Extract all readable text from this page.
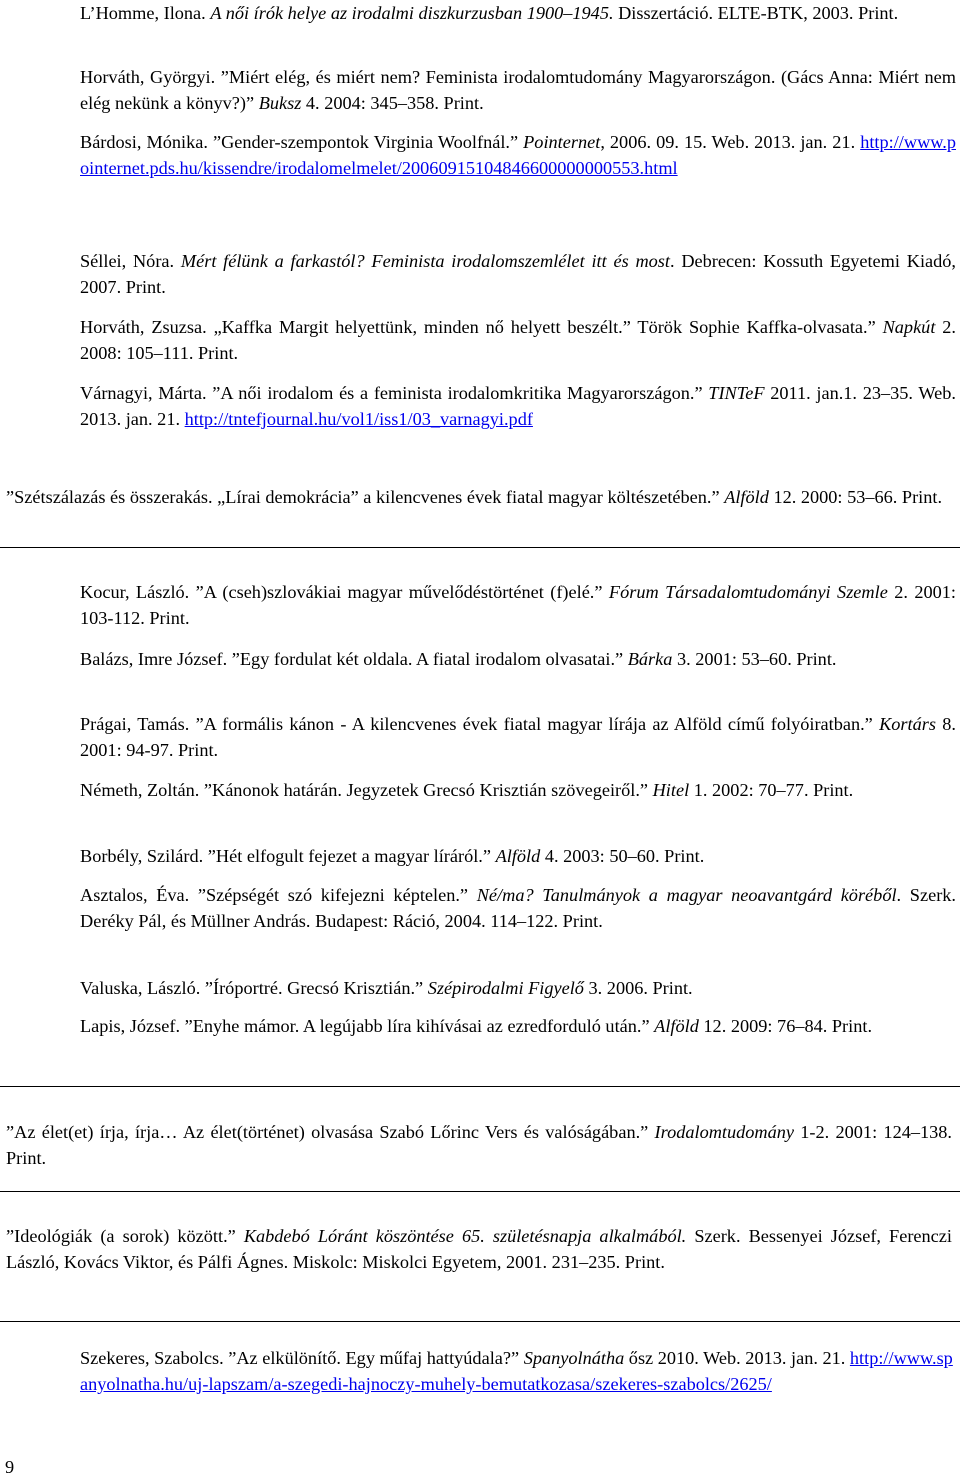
L’Homme, Ilona. A női írók helye az irodalmi diszkurzusban 1900–1945. Disszertáció. ELTE-BTK, 2003. Print.

Horváth, Györgyi. ”Miért elég, és miért nem? Feminista irodalomtudomány Magyarországon. (Gács Anna: Miért nem elég nekünk a könyv?)” Buksz 4. 2004: 345–358. Print.

Bárdosi, Mónika. ”Gender-szempontok Virginia Woolfnál.” Pointernet, 2006. 09. 15. Web. 2013. jan. 21. http://www.pointernet.pds.hu/kissendre/irodalomelmelet/20060915104846600000000553.html

Séllei, Nóra. Mért félünk a farkastól? Feminista irodalomszemlélet itt és most. Debrecen: Kossuth Egyetemi Kiadó, 2007. Print.

Horváth, Zsuzsa. „Kaffka Margit helyettünk, minden nő helyett beszélt.” Török Sophie Kaffka-olvasata.” Napkút 2. 2008: 105–111. Print.

Várnagyi, Márta. ”A női irodalom és a feminista irodalomkritika Magyarországon.” TINTeF 2011. jan.1. 23–35. Web. 2013. jan. 21. http://tntefjournal.hu/vol1/iss1/03_varnagyi.pdf

”Szétszálazás és összerakás. „Lírai demokrácia” a kilencvenes évek fiatal magyar költészetében.” Alföld 12. 2000: 53–66. Print.

Kocur, László. ”A (cseh)szlovákiai magyar művelődéstörténet (f)elé.” Fórum Társadalomtudományi Szemle 2. 2001: 103-112. Print.

Balázs, Imre József. ”Egy fordulat két oldala. A fiatal irodalom olvasatai.” Bárka 3. 2001: 53–60. Print.

Prágai, Tamás. ”A formális kánon - A kilencvenes évek fiatal magyar lírája az Alföld című folyóiratban.” Kortárs 8. 2001: 94-97. Print.

Németh, Zoltán. ”Kánonok határán. Jegyzetek Grecsó Krisztián szövegeiről.” Hitel 1. 2002: 70–77. Print.

Borbély, Szilárd. ”Hét elfogult fejezet a magyar líráról.” Alföld 4. 2003: 50–60. Print.

Asztalos, Éva. ”Szépségét szó kifejezni képtelen.” Né/ma? Tanulmányok a magyar neoavantgárd köréből. Szerk. Deréky Pál, és Müllner András. Budapest: Ráció, 2004. 114–122. Print.

Valuska, László. ”Íróportré. Grecsó Krisztián.” Szépirodalmi Figyelő 3. 2006. Print.

Lapis, József. ”Enyhe mámor. A legújabb líra kihívásai az ezredforduló után.” Alföld 12. 2009: 76–84. Print.

”Az élet(et) írja, írja… Az élet(történet) olvasása Szabó Lőrinc Vers és valóságában.” Irodalomtudomány 1-2. 2001: 124–138. Print.

”Ideológiák (a sorok) között.” Kabdebó Lóránt köszöntése 65. születésnapja alkalmából. Szerk. Bessenyei József, Ferenczi László, Kovács Viktor, és Pálfi Ágnes. Miskolc: Miskolci Egyetem, 2001. 231–235. Print.

Szekeres, Szabolcs. ”Az elkülönítő. Egy műfaj hattyúdala?” Spanyolnátha ősz 2010. Web. 2013. jan. 21. http://www.spanyolnatha.hu/uj-lapszam/a-szegedi-hajnoczy-muhely-bemutatkozasa/szekeres-szabolcs/2625/

9
